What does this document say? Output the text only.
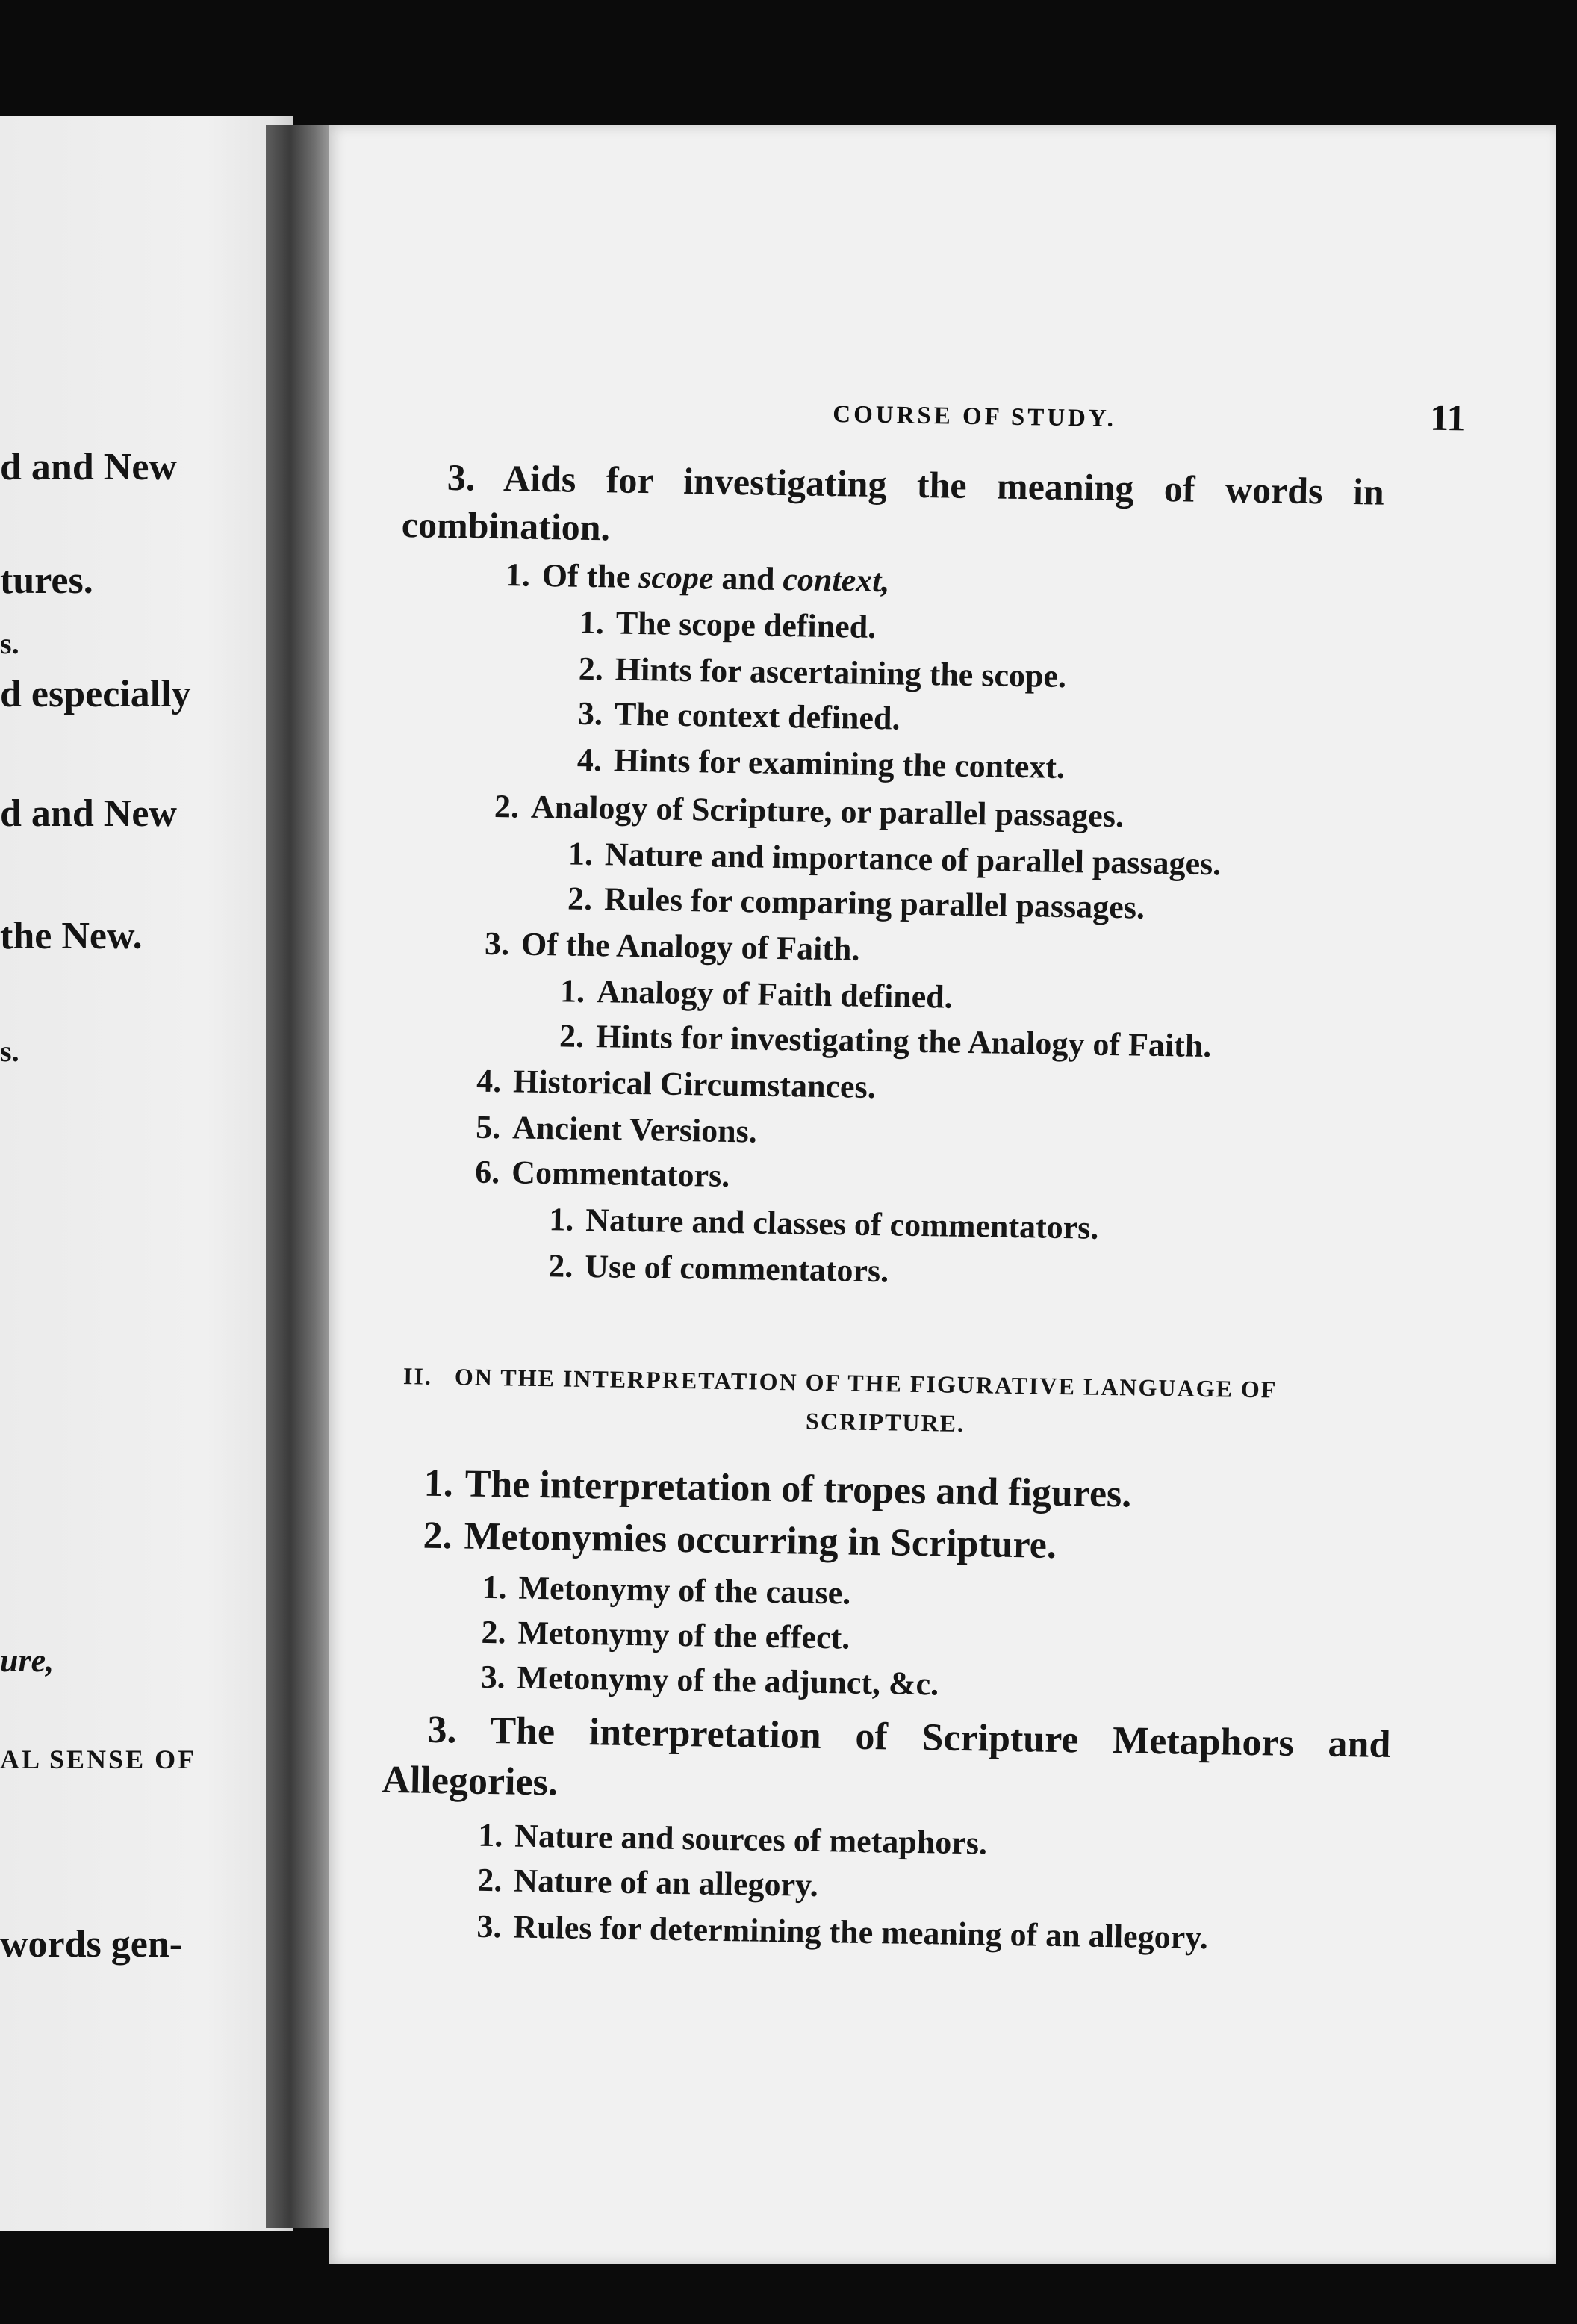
d and New
tures.
s.
d especially
d and New
the New.
s.
ure,
AL SENSE OF
words gen-
COURSE OF STUDY.	11
3. Aids for investigating the meaning of words in
combination.
1. Of the scope and context,
1. The scope defined.
2. Hints for ascertaining the scope.
3. The context defined.
4. Hints for examining the context.
2. Analogy of Scripture, or parallel passages.
1. Nature and importance of parallel passages.
2. Rules for comparing parallel passages.
3. Of the Analogy of Faith.
1. Analogy of Faith defined.
2. Hints for investigating the Analogy of Faith.
4. Historical Circumstances.
5. Ancient Versions.
6. Commentators.
1. Nature and classes of commentators.
2. Use of commentators.
II. ON THE INTERPRETATION OF THE FIGURATIVE LANGUAGE OF
SCRIPTURE.
1. The interpretation of tropes and figures.
2. Metonymies occurring in Scripture.
1. Metonymy of the cause.
2. Metonymy of the effect.
3. Metonymy of the adjunct, &c.
3. The interpretation of Scripture Metaphors and
Allegories.
1. Nature and sources of metaphors.
2. Nature of an allegory.
3. Rules for determining the meaning of an allegory.
